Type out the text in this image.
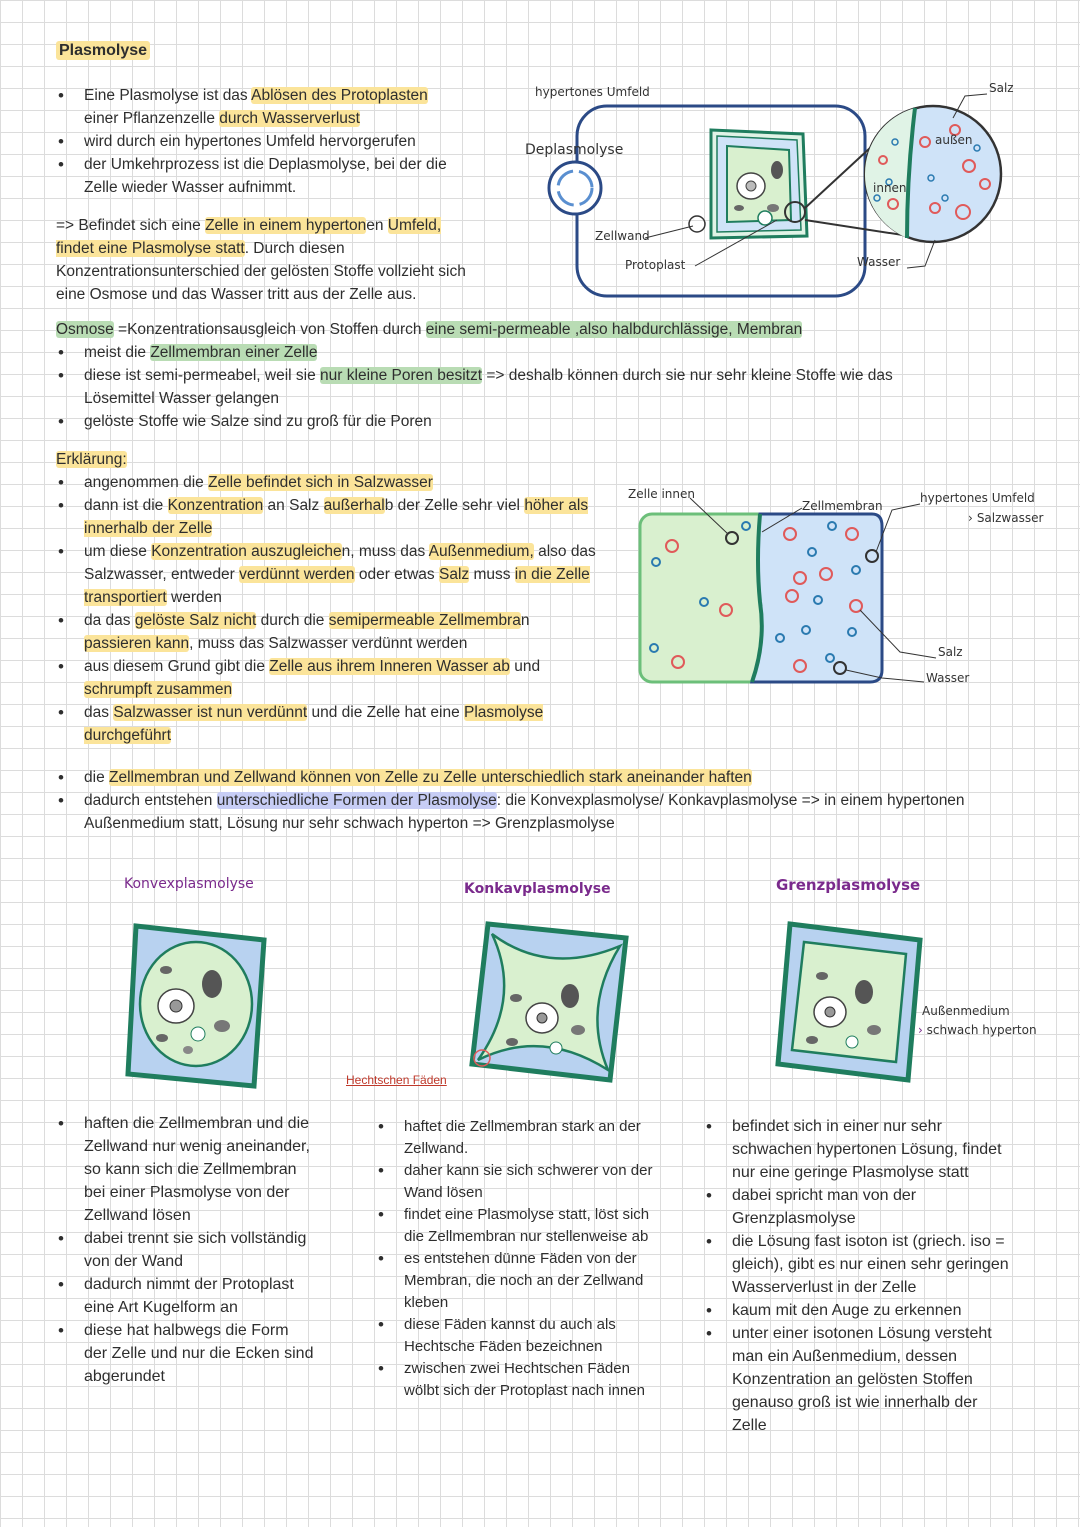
Plasmolyse
• Eine Plasmolyse ist das Ablösen des Protoplasten einer Pflanzenzelle durch Wasserverlust
• wird durch ein hypertones Umfeld hervorgerufen
• der Umkehrprozess ist die Deplasmolyse, bei der die Zelle wieder Wasser aufnimmt.
=> Befindet sich eine Zelle in einem hypertonen Umfeld, findet eine Plasmolyse statt. Durch diesen Konzentrationsunterschied der gelösten Stoffe vollzieht sich eine Osmose und das Wasser tritt aus der Zelle aus.
hypertones Umfeld
Deplasmolyse
Zellwand
Protoplast
außen
innen
Salz
Wasser
Osmose =Konzentrationsausgleich von Stoffen durch eine semi-permeable ,also halbdurchlässige, Membran
• meist die Zellmembran einer Zelle
• diese ist semi-permeabel, weil sie nur kleine Poren besitzt => deshalb können durch sie nur sehr kleine Stoffe wie das Lösemittel Wasser gelangen
• gelöste Stoffe wie Salze sind zu groß für die Poren
Erklärung:
• angenommen die Zelle befindet sich in Salzwasser
• dann ist die Konzentration an Salz außerhalb der Zelle sehr viel höher als innerhalb der Zelle
• um diese Konzentration auszugleichen, muss das Außenmedium, also das Salzwasser, entweder verdünnt werden oder etwas Salz muss in die Zelle transportiert werden
• da das gelöste Salz nicht durch die semipermeable Zellmembran passieren kann, muss das Salzwasser verdünnt werden
• aus diesem Grund gibt die Zelle aus ihrem Inneren Wasser ab und schrumpft zusammen
• das Salzwasser ist nun verdünnt und die Zelle hat eine Plasmolyse durchgeführt
Zelle innen
Zellmembran
hypertones Umfeld
› Salzwasser
Salz
Wasser
• die Zellmembran und Zellwand können von Zelle zu Zelle unterschiedlich stark aneinander haften
• dadurch entstehen unterschiedliche Formen der Plasmolyse: die Konvexplasmolyse/ Konkavplasmolyse => in einem hypertonen Außenmedium statt, Lösung nur sehr schwach hyperton => Grenzplasmolyse
Konvexplasmolyse	Konkavplasmolyse	Grenzplasmolyse
Hechtschen Fäden
Außenmedium
› schwach hyperton
• haften die Zellmembran und die Zellwand nur wenig aneinander, so kann sich die Zellmembran bei einer Plasmolyse von der Zellwand lösen
• dabei trennt sie sich vollständig von der Wand
• dadurch nimmt der Protoplast eine Art Kugelform an
• diese hat halbwegs die Form der Zelle und nur die Ecken sind abgerundet
• haftet die Zellmembran stark an der Zellwand.
• daher kann sie sich schwerer von der Wand lösen
• findet eine Plasmolyse statt, löst sich die Zellmembran nur stellenweise ab
• es entstehen dünne Fäden von der Membran, die noch an der Zellwand kleben
• diese Fäden kannst du auch als Hechtsche Fäden bezeichnen
• zwischen zwei Hechtschen Fäden wölbt sich der Protoplast nach innen
• befindet sich in einer nur sehr schwachen hypertonen Lösung, findet nur eine geringe Plasmolyse statt
• dabei spricht man von der Grenzplasmolyse
• die Lösung fast isoton ist (griech. iso = gleich), gibt es nur einen sehr geringen Wasserverlust in der Zelle
• kaum mit den Auge zu erkennen
• unter einer isotonen Lösung versteht man ein Außenmedium, dessen Konzentration an gelösten Stoffen genauso groß ist wie innerhalb der Zelle
